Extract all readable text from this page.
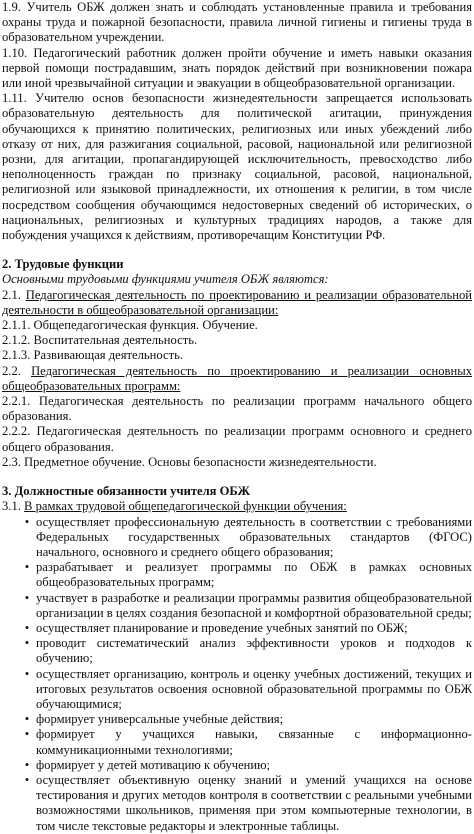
1.9. Учитель ОБЖ должен знать и соблюдать установленные правила и требования охраны труда и пожарной безопасности, правила личной гигиены и гигиены труда в образовательном учреждении.

1.10. Педагогический работник должен пройти обучение и иметь навыки оказания первой помощи пострадавшим, знать порядок действий при возникновении пожара или иной чрезвычайной ситуации и эвакуации в общеобразовательной организации.

1.11. Учителю основ безопасности жизнедеятельности запрещается использовать образовательную деятельность для политической агитации, принуждения обучающихся к принятию политических, религиозных или иных убеждений либо отказу от них, для разжигания социальной, расовой, национальной или религиозной розни, для агитации, пропагандирующей исключительность, превосходство либо неполноценность граждан по признаку социальной, расовой, национальной, религиозной или языковой принадлежности, их отношения к религии, в том числе посредством сообщения обучающимся недостоверных сведений об исторических, о национальных, религиозных и культурных традициях народов, а также для побуждения учащихся к действиям, противоречащим Конституции РФ.

2. Трудовые функции

Основными трудовыми функциями учителя ОБЖ являются:

2.1. Педагогическая деятельность по проектированию и реализации образовательной деятельности в общеобразовательной организации:

2.1.1. Общепедагогическая функция. Обучение.

2.1.2. Воспитательная деятельность.

2.1.3. Развивающая деятельность.

2.2. Педагогическая деятельность по проектированию и реализации основных общеобразовательных программ:

2.2.1. Педагогическая деятельность по реализации программ начального общего образования.

2.2.2. Педагогическая деятельность по реализации программ основного и среднего общего образования.

2.3. Предметное обучение. Основы безопасности жизнедеятельности.

3. Должностные обязанности учителя ОБЖ

3.1. В рамках трудовой общепедагогической функции обучения:

• осуществляет профессиональную деятельность в соответствии с требованиями Федеральных государственных образовательных стандартов (ФГОС) начального, основного и среднего общего образования;
• разрабатывает и реализует программы по ОБЖ в рамках основных общеобразовательных программ;
• участвует в разработке и реализации программы развития общеобразовательной организации в целях создания безопасной и комфортной образовательной среды;
• осуществляет планирование и проведение учебных занятий по ОБЖ;
• проводит систематический анализ эффективности уроков и подходов к обучению;
• осуществляет организацию, контроль и оценку учебных достижений, текущих и итоговых результатов освоения основной образовательной программы по ОБЖ обучающимися;
• формирует универсальные учебные действия;
• формирует у учащихся навыки, связанные с информационно-коммуникационными технологиями;
• формирует у детей мотивацию к обучению;
• осуществляет объективную оценку знаний и умений учащихся на основе тестирования и других методов контроля в соответствии с реальными учебными возможностями школьников, применяя при этом компьютерные технологии, в том числе текстовые редакторы и электронные таблицы.
